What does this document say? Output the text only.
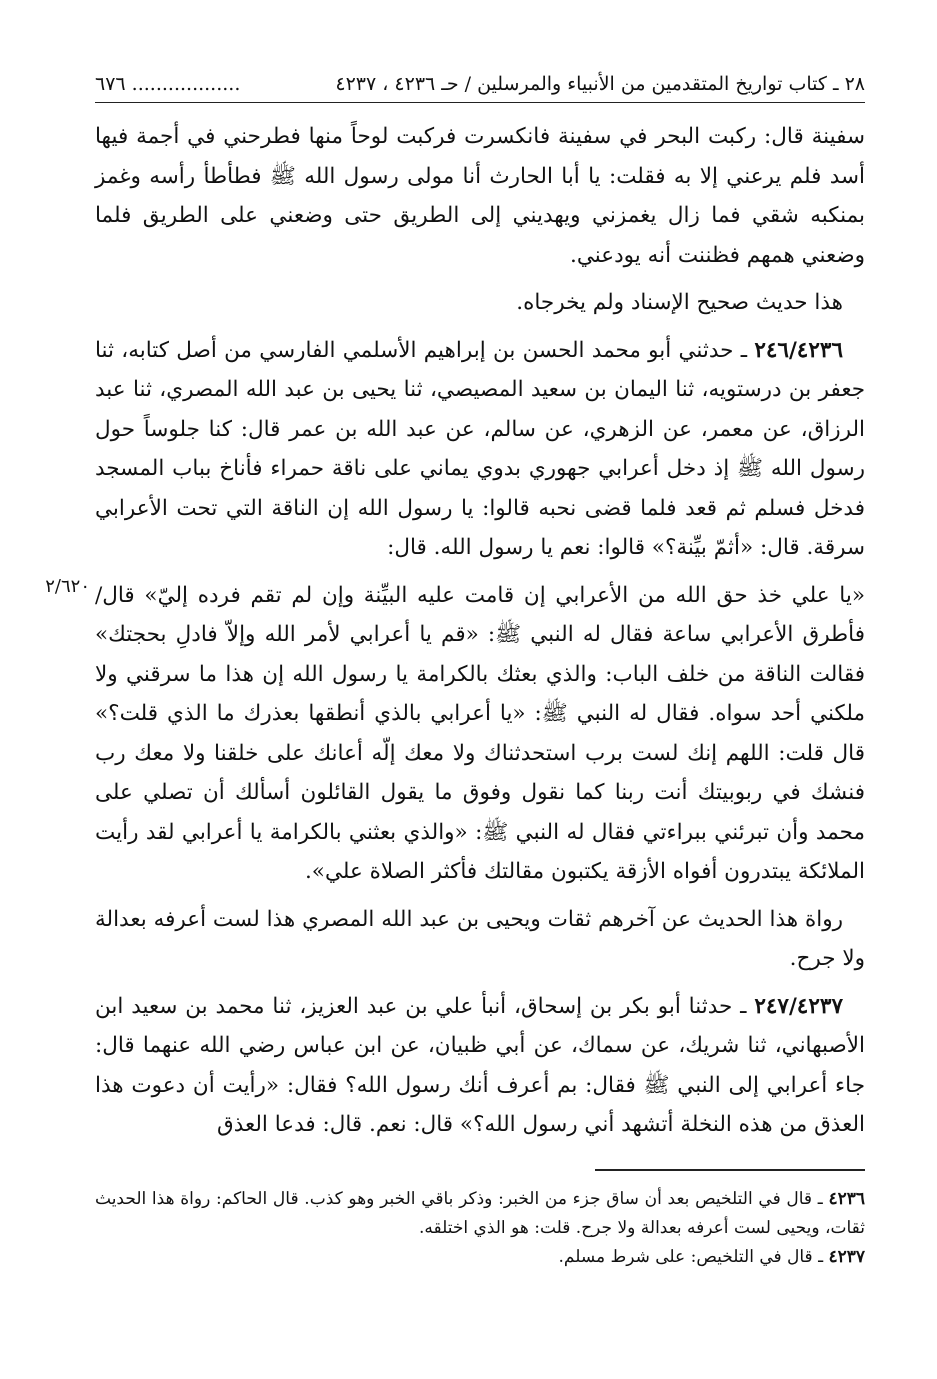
٢٨ ـ كتاب تواريخ المتقدمين من الأنبياء والمرسلين / حـ ٤٢٣٦ ، ٤٢٣٧
.................. ٦٧٦

سفينة قال: ركبت البحر في سفينة فانكسرت فركبت لوحاً منها فطرحني في أجمة فيها أسد فلم يرعني إلا به فقلت: يا أبا الحارث أنا مولى رسول الله ﷺ فطأطأ رأسه وغمز بمنكبه شقي فما زال يغمزني ويهديني إلى الطريق حتى وضعني على الطريق فلما وضعني همهم فظننت أنه يودعني.

هذا حديث صحيح الإسناد ولم يخرجاه.

٢٤٦/٤٢٣٦ ـ حدثني أبو محمد الحسن بن إبراهيم الأسلمي الفارسي من أصل كتابه، ثنا جعفر بن درستويه، ثنا اليمان بن سعيد المصيصي، ثنا يحيى بن عبد الله المصري، ثنا عبد الرزاق، عن معمر، عن الزهري، عن سالم، عن عبد الله بن عمر قال: كنا جلوساً حول رسول الله ﷺ إذ دخل أعرابي جهوري بدوي يماني على ناقة حمراء فأناخ بباب المسجد فدخل فسلم ثم قعد فلما قضى نحبه قالوا: يا رسول الله إن الناقة التي تحت الأعرابي سرقة. قال: «أثمّ بيِّنة؟» قالوا: نعم يا رسول الله. قال:

٢/٦٢٠ «يا علي خذ حق الله من الأعرابي إن قامت عليه البيِّنة وإن لم تقم فرده إليّ» قال/ فأطرق الأعرابي ساعة فقال له النبي ﷺ: «قم يا أعرابي لأمر الله وإلاّ فادلِ بحجتك» فقالت الناقة من خلف الباب: والذي بعثك بالكرامة يا رسول الله إن هذا ما سرقني ولا ملكني أحد سواه. فقال له النبي ﷺ: «يا أعرابي بالذي أنطقها بعذرك ما الذي قلت؟» قال قلت: اللهم إنك لست برب استحدثناك ولا معك إلّه أعانك على خلقنا ولا معك رب فنشك في ربوبيتك أنت ربنا كما نقول وفوق ما يقول القائلون أسألك أن تصلي على محمد وأن تبرئني ببراءتي فقال له النبي ﷺ: «والذي بعثني بالكرامة يا أعرابي لقد رأيت الملائكة يبتدرون أفواه الأزقة يكتبون مقالتك فأكثر الصلاة علي».

رواة هذا الحديث عن آخرهم ثقات ويحيى بن عبد الله المصري هذا لست أعرفه بعدالة ولا جرح.

٢٤٧/٤٢٣٧ ـ حدثنا أبو بكر بن إسحاق، أنبأ علي بن عبد العزيز، ثنا محمد بن سعيد ابن الأصبهاني، ثنا شريك، عن سماك، عن أبي ظبيان، عن ابن عباس رضي الله عنهما قال: جاء أعرابي إلى النبي ﷺ فقال: بم أعرف أنك رسول الله؟ فقال: «رأيت أن دعوت هذا العذق من هذه النخلة أتشهد أني رسول الله؟» قال: نعم. قال: فدعا العذق

٤٢٣٦ ـ قال في التلخيص بعد أن ساق جزء من الخبر: وذكر باقي الخبر وهو كذب. قال الحاكم: رواة هذا الحديث ثقات، ويحيى لست أعرفه بعدالة ولا جرح. قلت: هو الذي اختلقه.

٤٢٣٧ ـ قال في التلخيص: على شرط مسلم.
